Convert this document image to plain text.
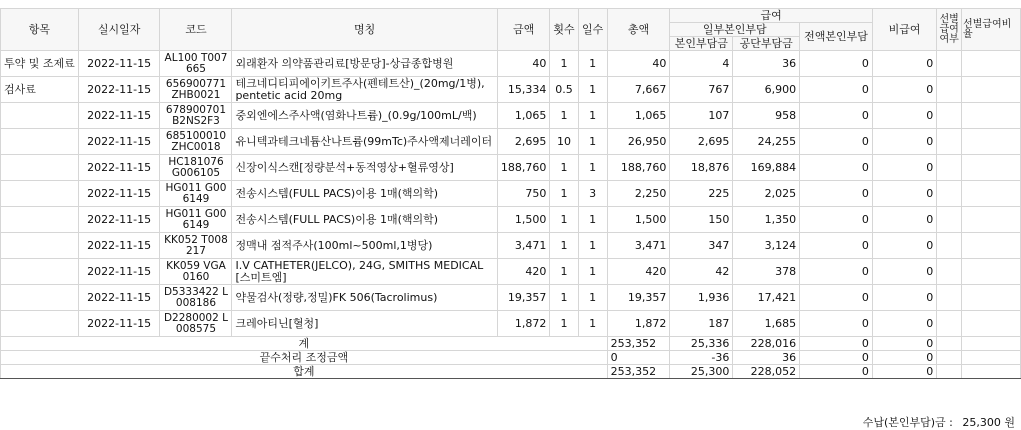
항목	실시일자	코드	명칭	금액	횟수	일수	총액	급여			비급여	선별급여여부	선별급여비율
								일부본인부담		전액본인부담			
								본인부담금	공단부담금				
투약 및 조제료	2022-11-15	AL100 T007665	외래환자 의약품관리료[방문당]-상급종합병원	40	1	1	40	4	36	0	0		
검사료	2022-11-15	656900771 ZHB0021	테크네디티피에이키트주사(펜테트산)_(20mg/1병), pentetic acid 20mg	15,334	0.5	1	7,667	767	6,900	0	0		
	2022-11-15	678900701 B2NS2F3	중외엔에스주사액(염화나트륨)_(0.9g/100mL/백)	1,065	1	1	1,065	107	958	0	0		
	2022-11-15	685100010 ZHC0018	유니텍과테크네튬산나트륨(99mTc)주사액제너레이터	2,695	10	1	26,950	2,695	24,255	0	0		
	2022-11-15	HC181076 G006105	신장이식스캔[정량분석+동적영상+혈류영상]	188,760	1	1	188,760	18,876	169,884	0	0		
	2022-11-15	HG011 G006149	전송시스템(FULL PACS)이용 1매(핵의학)	750	1	3	2,250	225	2,025	0	0		
	2022-11-15	HG011 G006149	전송시스템(FULL PACS)이용 1매(핵의학)	1,500	1	1	1,500	150	1,350	0	0		
	2022-11-15	KK052 T008217	정맥내 점적주사(100ml~500ml,1병당)	3,471	1	1	3,471	347	3,124	0	0		
	2022-11-15	KK059 VGA0160	I.V CATHETER(JELCO), 24G, SMITHS MEDICAL[스미트엠]	420	1	1	420	42	378	0	0		
	2022-11-15	D5333422 L008186	약물검사(정량,정밀)FK 506(Tacrolimus)	19,357	1	1	19,357	1,936	17,421	0	0		
	2022-11-15	D2280002 L008575	크레아티닌[혈청]	1,872	1	1	1,872	187	1,685	0	0		
계							253,352	25,336	228,016	0	0		
끝수처리 조정금액							0	-36	36	0	0		
합계							253,352	25,300	228,052	0	0		
수납(본인부담)금 : 25,300 원
